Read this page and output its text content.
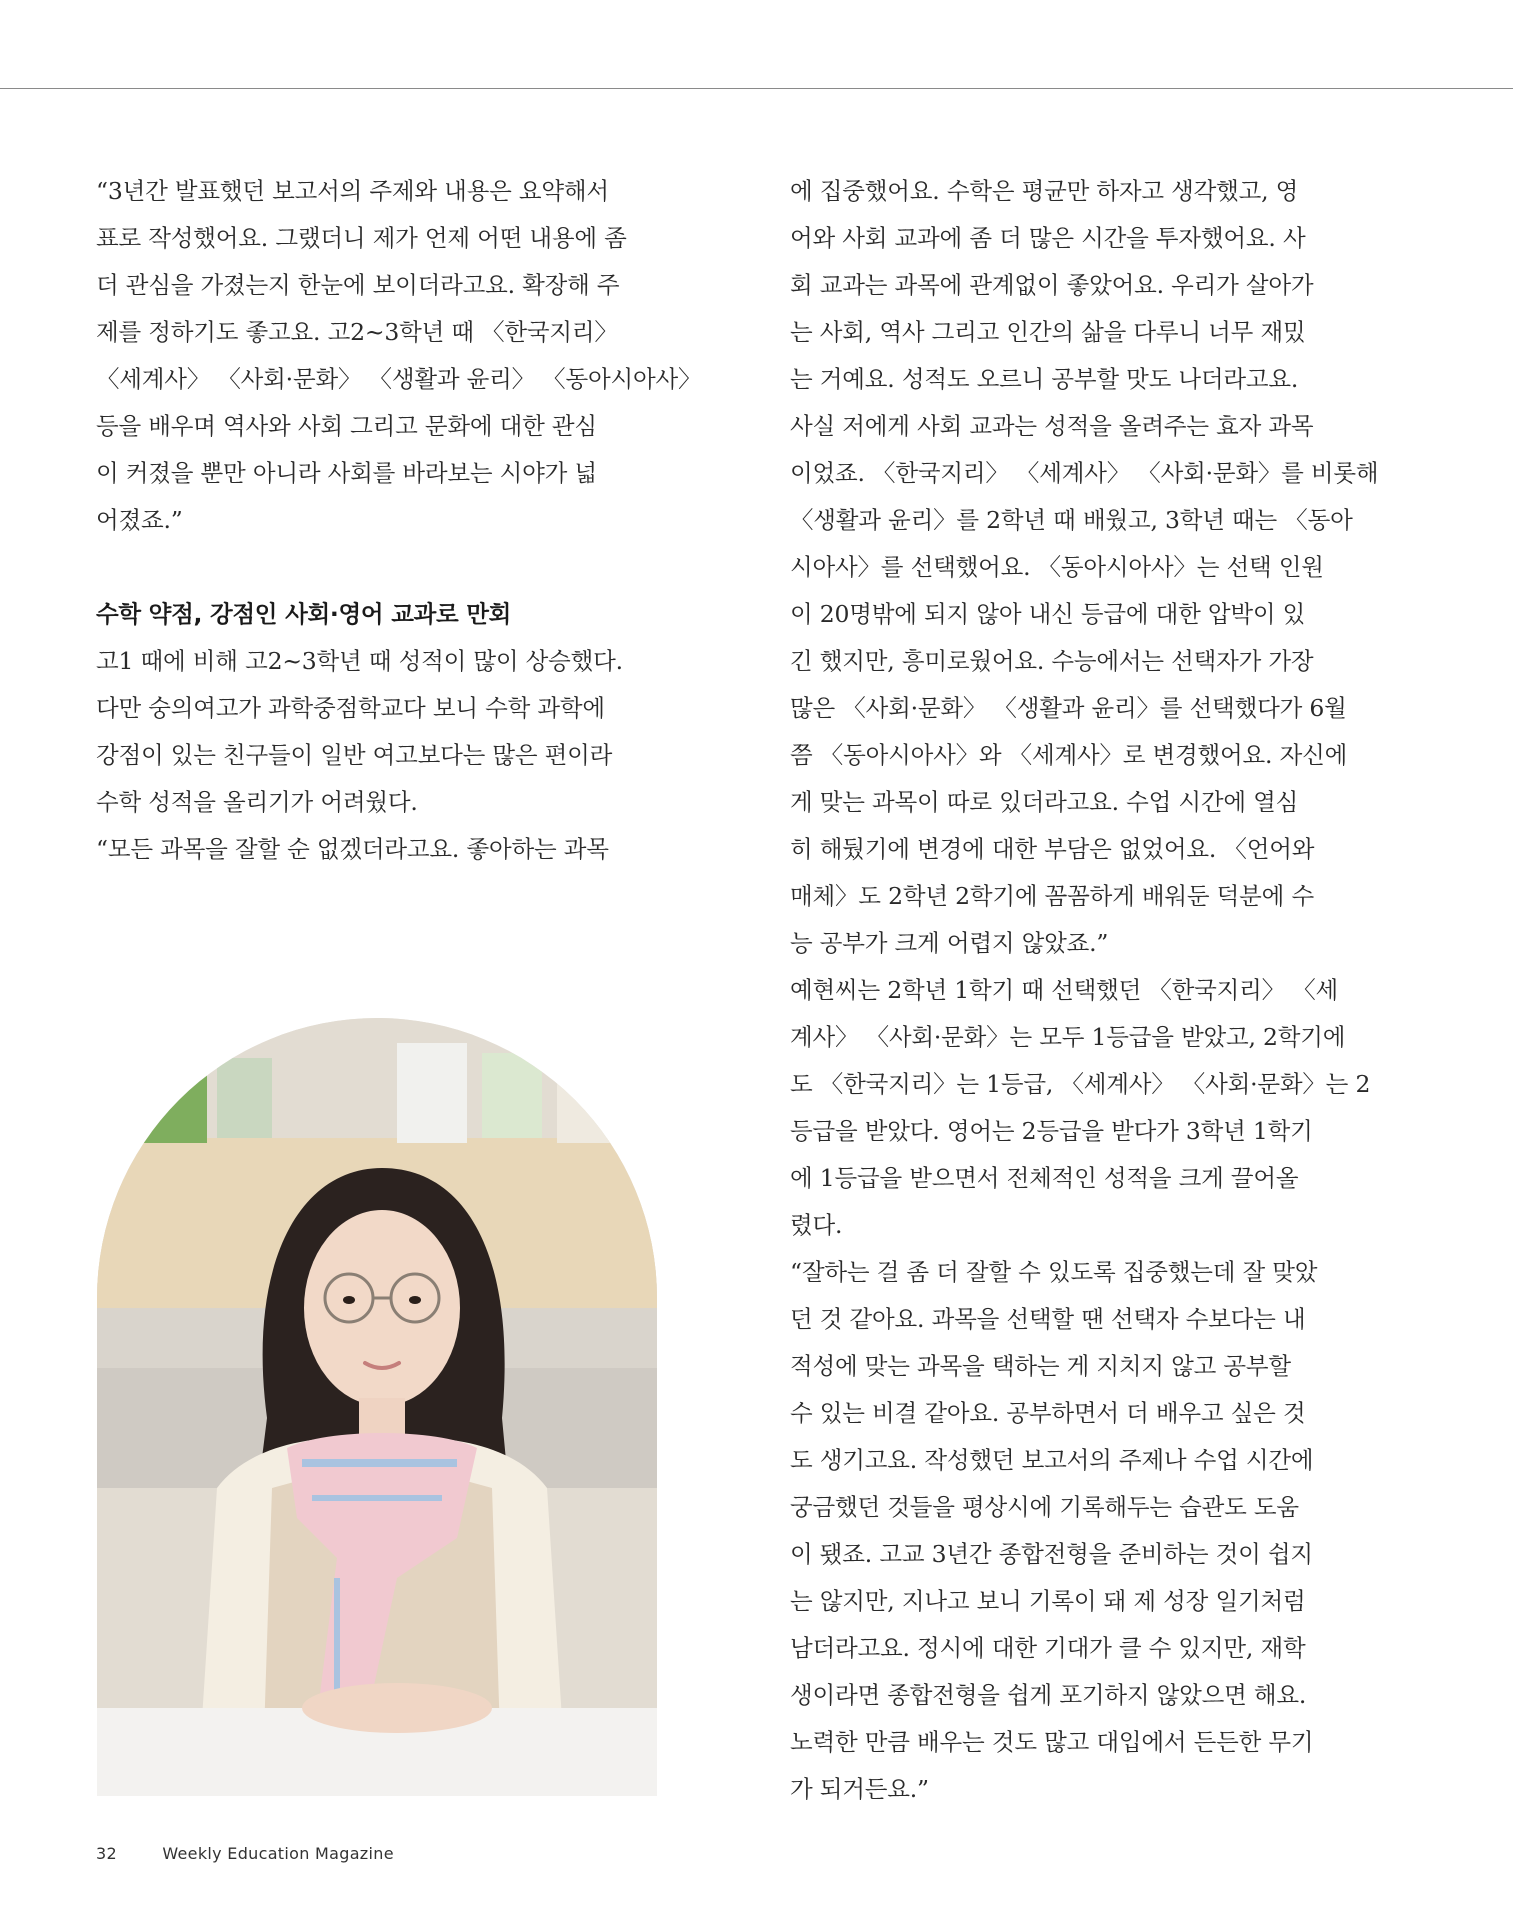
“3년간 발표했던 보고서의 주제와 내용은 요약해서
표로 작성했어요. 그랬더니 제가 언제 어떤 내용에 좀
더 관심을 가졌는지 한눈에 보이더라고요. 확장해 주
제를 정하기도 좋고요. 고2~3학년 때 〈한국지리〉
〈세계사〉 〈사회·문화〉 〈생활과 윤리〉 〈동아시아사〉
등을 배우며 역사와 사회 그리고 문화에 대한 관심
이 커졌을 뿐만 아니라 사회를 바라보는 시야가 넓
어졌죠.”
수학 약점, 강점인 사회·영어 교과로 만회
고1 때에 비해 고2~3학년 때 성적이 많이 상승했다.
다만 숭의여고가 과학중점학교다 보니 수학 과학에
강점이 있는 친구들이 일반 여고보다는 많은 편이라
수학 성적을 올리기가 어려웠다.
“모든 과목을 잘할 순 없겠더라고요. 좋아하는 과목
에 집중했어요. 수학은 평균만 하자고 생각했고, 영
어와 사회 교과에 좀 더 많은 시간을 투자했어요. 사
회 교과는 과목에 관계없이 좋았어요. 우리가 살아가
는 사회, 역사 그리고 인간의 삶을 다루니 너무 재밌
는 거예요. 성적도 오르니 공부할 맛도 나더라고요.
사실 저에게 사회 교과는 성적을 올려주는 효자 과목
이었죠. 〈한국지리〉 〈세계사〉 〈사회·문화〉를 비롯해
〈생활과 윤리〉를 2학년 때 배웠고, 3학년 때는 〈동아
시아사〉를 선택했어요. 〈동아시아사〉는 선택 인원
이 20명밖에 되지 않아 내신 등급에 대한 압박이 있
긴 했지만, 흥미로웠어요. 수능에서는 선택자가 가장
많은 〈사회·문화〉 〈생활과 윤리〉를 선택했다가 6월
쯤 〈동아시아사〉와 〈세계사〉로 변경했어요. 자신에
게 맞는 과목이 따로 있더라고요. 수업 시간에 열심
히 해뒀기에 변경에 대한 부담은 없었어요. 〈언어와
매체〉도 2학년 2학기에 꼼꼼하게 배워둔 덕분에 수
능 공부가 크게 어렵지 않았죠.”
예현씨는 2학년 1학기 때 선택했던 〈한국지리〉 〈세
계사〉 〈사회·문화〉는 모두 1등급을 받았고, 2학기에
도 〈한국지리〉는 1등급, 〈세계사〉 〈사회·문화〉는 2
등급을 받았다. 영어는 2등급을 받다가 3학년 1학기
에 1등급을 받으면서 전체적인 성적을 크게 끌어올
렸다.
“잘하는 걸 좀 더 잘할 수 있도록 집중했는데 잘 맞았
던 것 같아요. 과목을 선택할 땐 선택자 수보다는 내
적성에 맞는 과목을 택하는 게 지치지 않고 공부할
수 있는 비결 같아요. 공부하면서 더 배우고 싶은 것
도 생기고요. 작성했던 보고서의 주제나 수업 시간에
궁금했던 것들을 평상시에 기록해두는 습관도 도움
이 됐죠. 고교 3년간 종합전형을 준비하는 것이 쉽지
는 않지만, 지나고 보니 기록이 돼 제 성장 일기처럼
남더라고요. 정시에 대한 기대가 클 수 있지만, 재학
생이라면 종합전형을 쉽게 포기하지 않았으면 해요.
노력한 만큼 배우는 것도 많고 대입에서 든든한 무기
가 되거든요.”
32	Weekly Education Magazine
